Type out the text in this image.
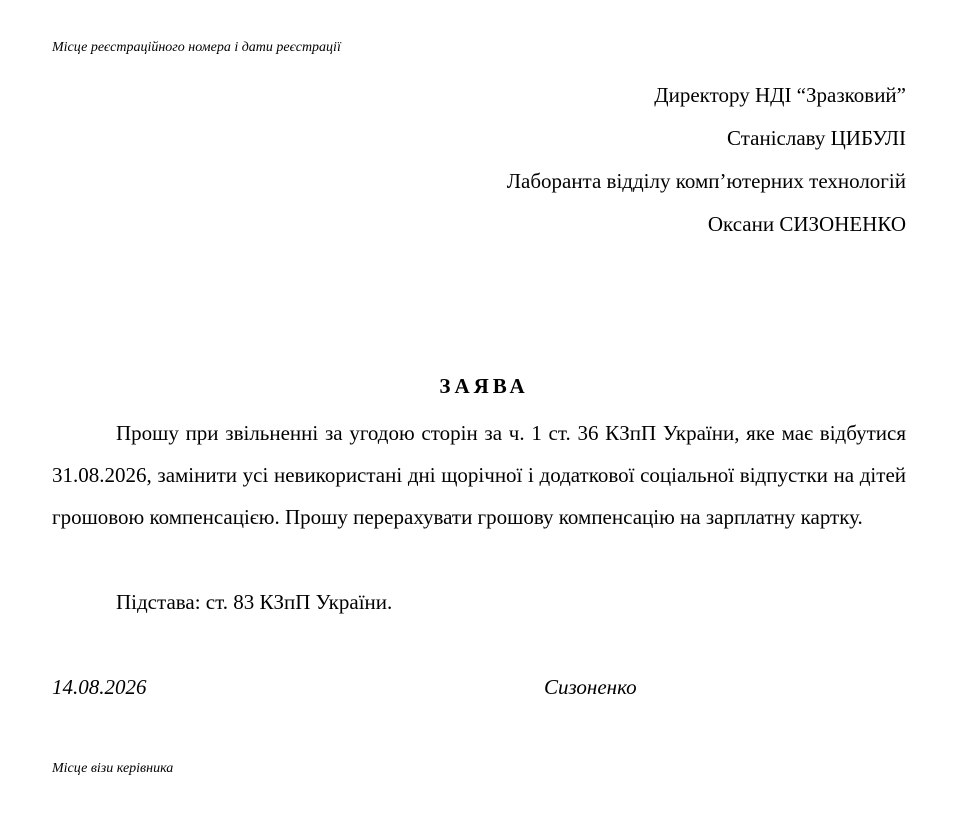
Місце реєстраційного номера і дати реєстрації
Директору НДІ “Зразковий”
Станіславу ЦИБУЛІ
Лаборанта відділу комп’ютерних технологій
Оксани СИЗОНЕНКО
ЗАЯВА

Прошу при звільненні за угодою сторін за ч. 1 ст. 36 КЗпП України, яке має відбутися 31.08.2026, замінити усі невикористані дні щорічної і додаткової соціальної відпустки на дітей грошовою компенсацією. Прошу перерахувати грошову компенсацію на зарплатну картку.

Підстава: ст. 83 КЗпП України.
14.08.2026	Сизоненко
Місце візи керівника
